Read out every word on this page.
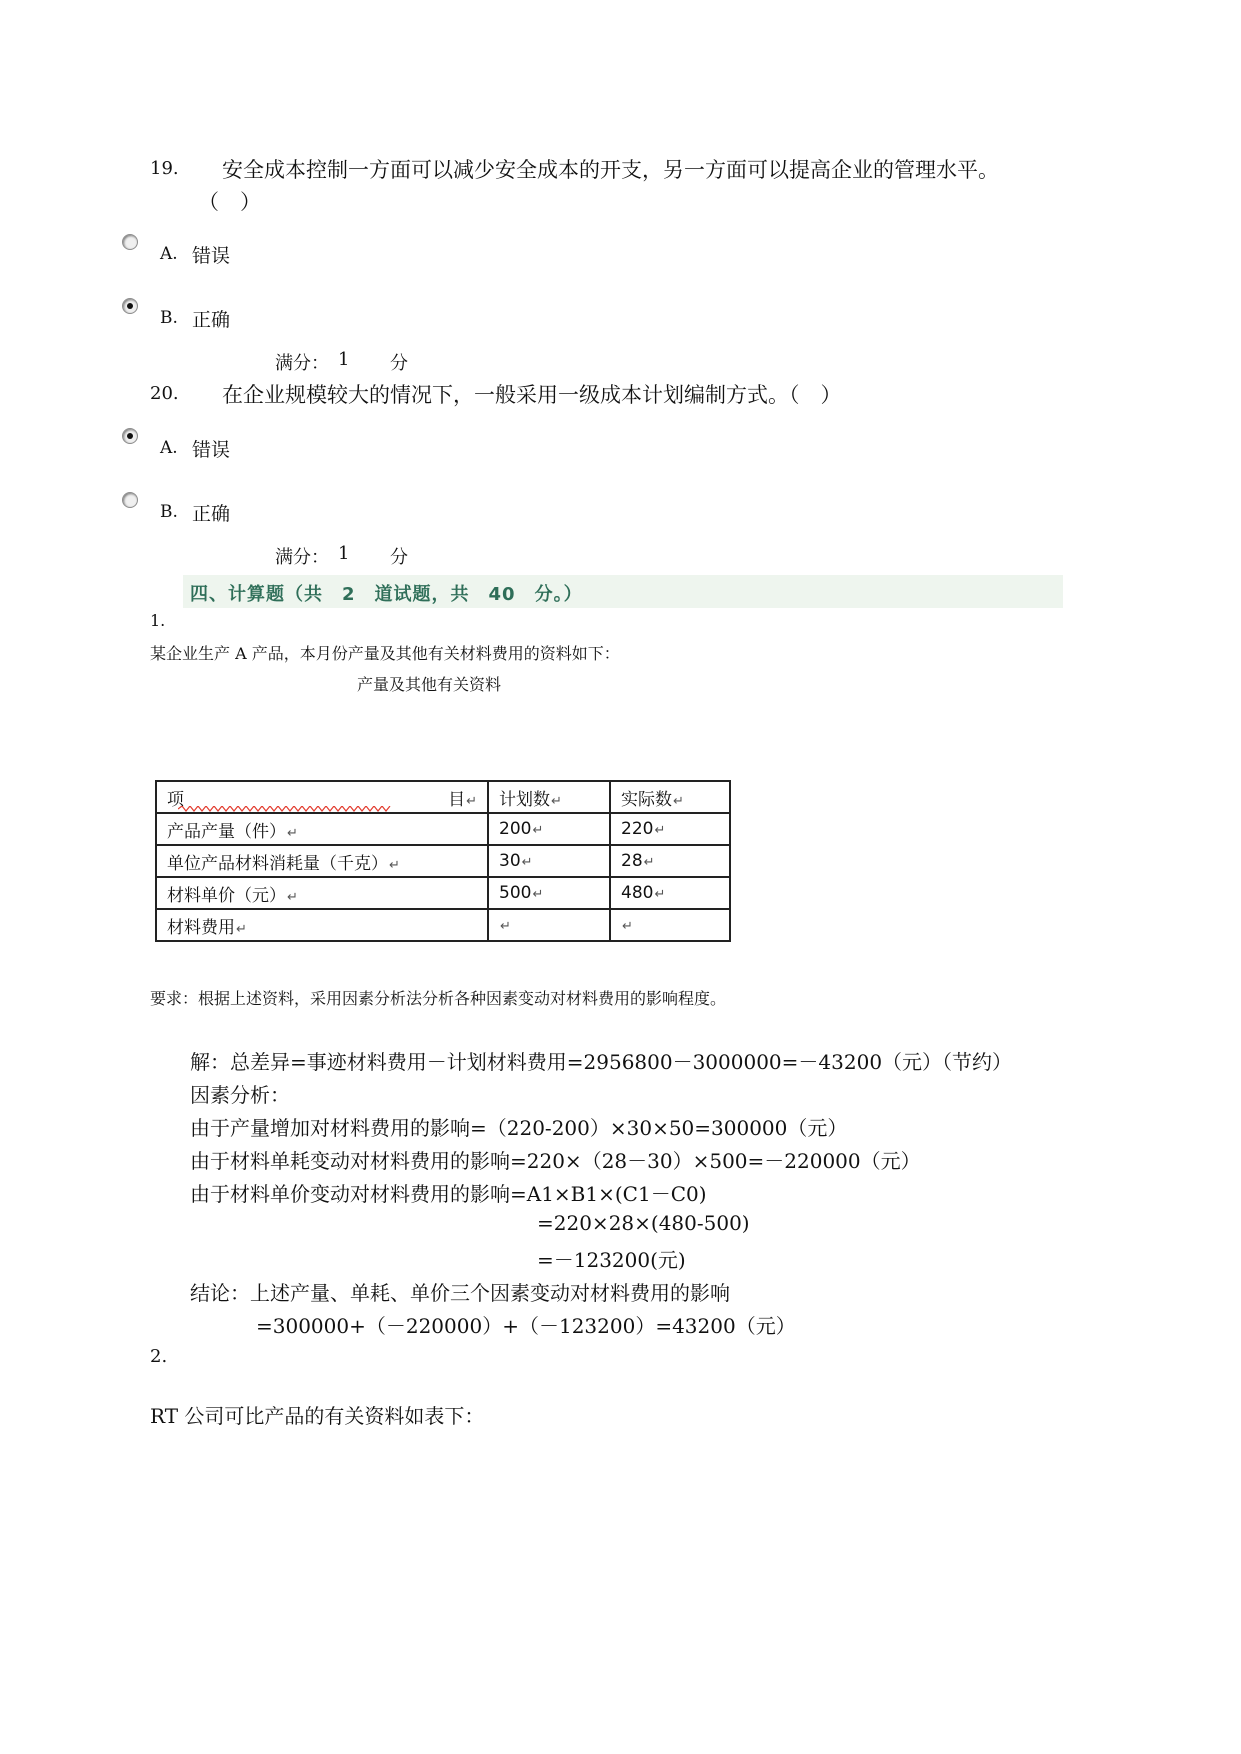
19. 安全成本控制一方面可以减少安全成本的开支，另一方面可以提高企业的管理水平。
（　）
A. 错误
B. 正确
满分： 1 分
20. 在企业规模较大的情况下，一般采用一级成本计划编制方式。（　）
A. 错误
B. 正确
满分： 1 分
四、计算题（共　2　道试题，共　40　分。）
1.
某企业生产 A 产品，本月份产量及其他有关材料费用的资料如下：
产量及其他有关资料
项 目↵	计划数↵	实际数↵
产品产量（件）↵	200↵	220↵
单位产品材料消耗量（千克）↵	30↵	28↵
材料单价（元）↵	500↵	480↵
材料费用↵	↵	↵
要求：根据上述资料，采用因素分析法分析各种因素变动对材料费用的影响程度。
解：总差异=事迹材料费用－计划材料费用=2956800－3000000=－43200（元）（节约）
因素分析：
由于产量增加对材料费用的影响=（220-200）×30×50=300000（元）
由于材料单耗变动对材料费用的影响=220×（28－30）×500=－220000（元）
由于材料单价变动对材料费用的影响=A1×B1×(C1－C0)
=220×28×(480-500)
=－123200(元)
结论：上述产量、单耗、单价三个因素变动对材料费用的影响
=300000+（－220000）+（－123200）=43200（元）
2.
RT 公司可比产品的有关资料如表下：
